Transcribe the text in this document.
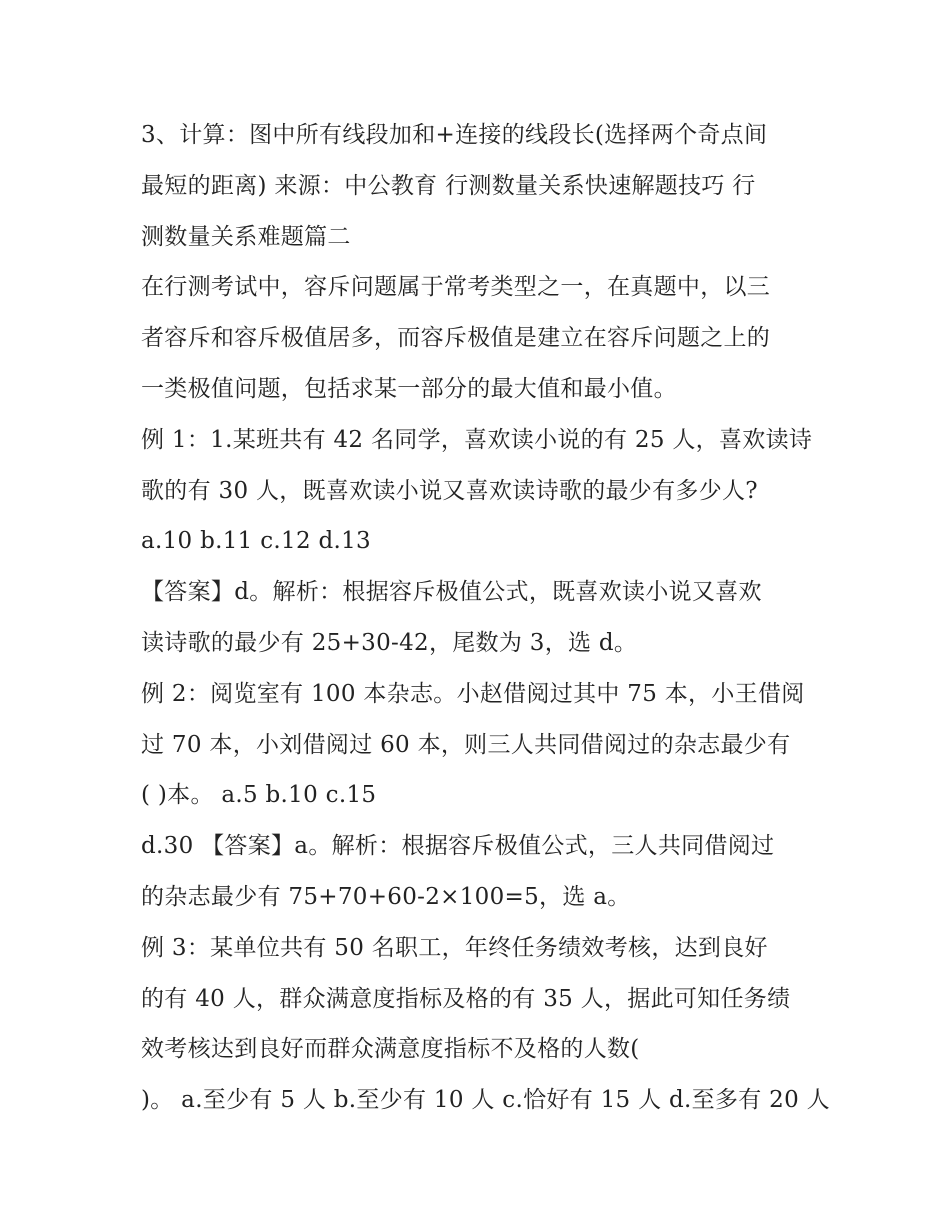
3、计算：图中所有线段加和+连接的线段长(选择两个奇点间
最短的距离) 来源：中公教育 行测数量关系快速解题技巧 行
测数量关系难题篇二
在行测考试中，容斥问题属于常考类型之一，在真题中，以三
者容斥和容斥极值居多，而容斥极值是建立在容斥问题之上的
一类极值问题，包括求某一部分的最大值和最小值。
例 1：1.某班共有 42 名同学，喜欢读小说的有 25 人，喜欢读诗
歌的有 30 人，既喜欢读小说又喜欢读诗歌的最少有多少人?
a.10 b.11 c.12 d.13
【答案】d。解析：根据容斥极值公式，既喜欢读小说又喜欢
读诗歌的最少有 25+30-42，尾数为 3，选 d。
例 2：阅览室有 100 本杂志。小赵借阅过其中 75 本，小王借阅
过 70 本，小刘借阅过 60 本，则三人共同借阅过的杂志最少有
( )本。 a.5 b.10 c.15
d.30 【答案】a。解析：根据容斥极值公式，三人共同借阅过
的杂志最少有 75+70+60-2×100=5，选 a。
例 3：某单位共有 50 名职工，年终任务绩效考核，达到良好
的有 40 人，群众满意度指标及格的有 35 人，据此可知任务绩
效考核达到良好而群众满意度指标不及格的人数(
)。 a.至少有 5 人 b.至少有 10 人 c.恰好有 15 人 d.至多有 20 人
